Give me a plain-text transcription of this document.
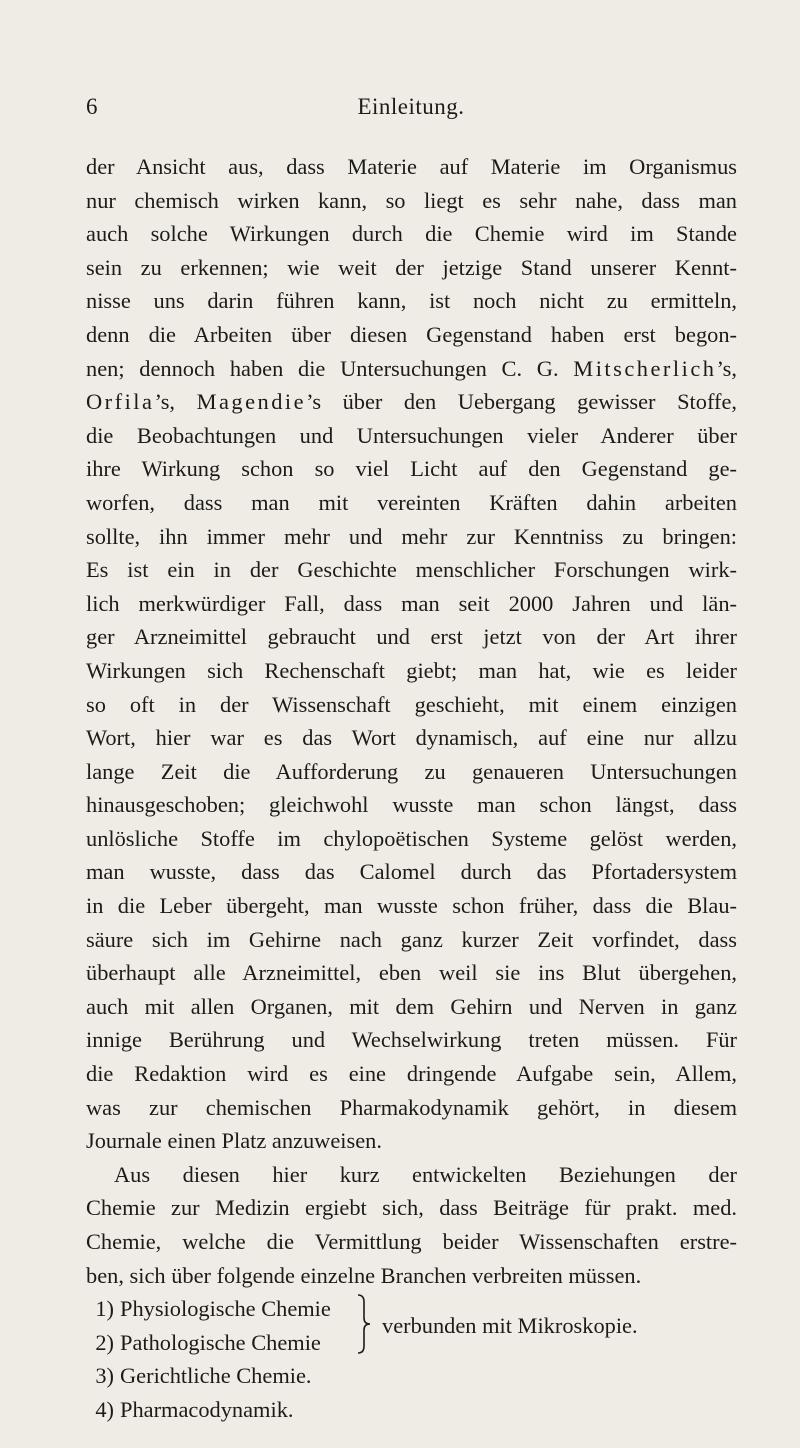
6	Einleitung.

der Ansicht aus, dass Materie auf Materie im Organismus

nur chemisch wirken kann, so liegt es sehr nahe, dass man

auch solche Wirkungen durch die Chemie wird im Stande

sein zu erkennen; wie weit der jetzige Stand unserer Kennt-

nisse uns darin führen kann, ist noch nicht zu ermitteln,

denn die Arbeiten über diesen Gegenstand haben erst begon-

nen; dennoch haben die Untersuchungen C. G. Mitscherlich’s,

Orfila’s, Magendie’s über den Uebergang gewisser Stoffe,

die Beobachtungen und Untersuchungen vieler Anderer über

ihre Wirkung schon so viel Licht auf den Gegenstand ge-

worfen, dass man mit vereinten Kräften dahin arbeiten

sollte, ihn immer mehr und mehr zur Kenntniss zu bringen:

Es ist ein in der Geschichte menschlicher Forschungen wirk-

lich merkwürdiger Fall, dass man seit 2000 Jahren und län-

ger Arzneimittel gebraucht und erst jetzt von der Art ihrer

Wirkungen sich Rechenschaft giebt; man hat, wie es leider

so oft in der Wissenschaft geschieht, mit einem einzigen

Wort, hier war es das Wort dynamisch, auf eine nur allzu

lange Zeit die Aufforderung zu genaueren Untersuchungen

hinausgeschoben; gleichwohl wusste man schon längst, dass

unlösliche Stoffe im chylopoëtischen Systeme gelöst werden,

man wusste, dass das Calomel durch das Pfortadersystem

in die Leber übergeht, man wusste schon früher, dass die Blau-

säure sich im Gehirne nach ganz kurzer Zeit vorfindet, dass

überhaupt alle Arzneimittel, eben weil sie ins Blut übergehen,

auch mit allen Organen, mit dem Gehirn und Nerven in ganz

innige Berührung und Wechselwirkung treten müssen. Für

die Redaktion wird es eine dringende Aufgabe sein, Allem,

was zur chemischen Pharmakodynamik gehört, in diesem

Journale einen Platz anzuweisen.

Aus diesen hier kurz entwickelten Beziehungen der

Chemie zur Medizin ergiebt sich, dass Beiträge für prakt. med.

Chemie, welche die Vermittlung beider Wissenschaften erstre-

ben, sich über folgende einzelne Branchen verbreiten müssen.

1) Physiologische Chemie
2) Pathologische Chemie
verbunden mit Mikroskopie.
3) Gerichtliche Chemie.
4) Pharmacodynamik.
